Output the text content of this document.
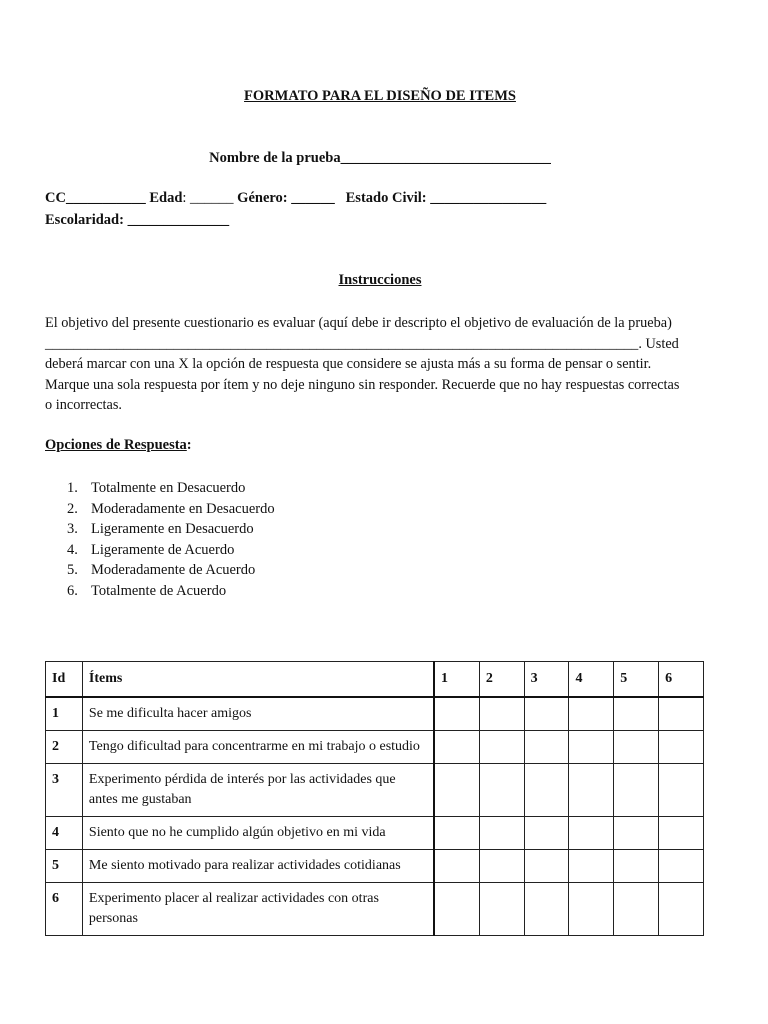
FORMATO PARA EL DISEÑO DE ITEMS
Nombre de la prueba_____________________________
CC___________ Edad: ______ Género: ______   Estado Civil: ________________
Escolaridad: ______________
Instrucciones
El objetivo del presente cuestionario es evaluar (aquí debe ir descripto el objetivo de evaluación de la prueba)
___________________________________________________________________________________. Usted
deberá marcar con una X la opción de respuesta que considere se ajusta más a su forma de pensar o sentir.
Marque una sola respuesta por ítem y no deje ninguno sin responder. Recuerde que no hay respuestas correctas
o incorrectas.
Opciones de Respuesta:
1. Totalmente en Desacuerdo
2. Moderadamente en Desacuerdo
3. Ligeramente en Desacuerdo
4. Ligeramente de Acuerdo
5. Moderadamente de Acuerdo
6. Totalmente de Acuerdo
Id	Ítems	1	2	3	4	5	6
1	Se me dificulta hacer amigos						
2	Tengo dificultad para concentrarme en mi trabajo o estudio						
3	Experimento pérdida de interés por las actividades que antes me gustaban						
4	Siento que no he cumplido algún objetivo en mi vida						
5	Me siento motivado para realizar actividades cotidianas						
6	Experimento placer al realizar actividades con otras personas						
